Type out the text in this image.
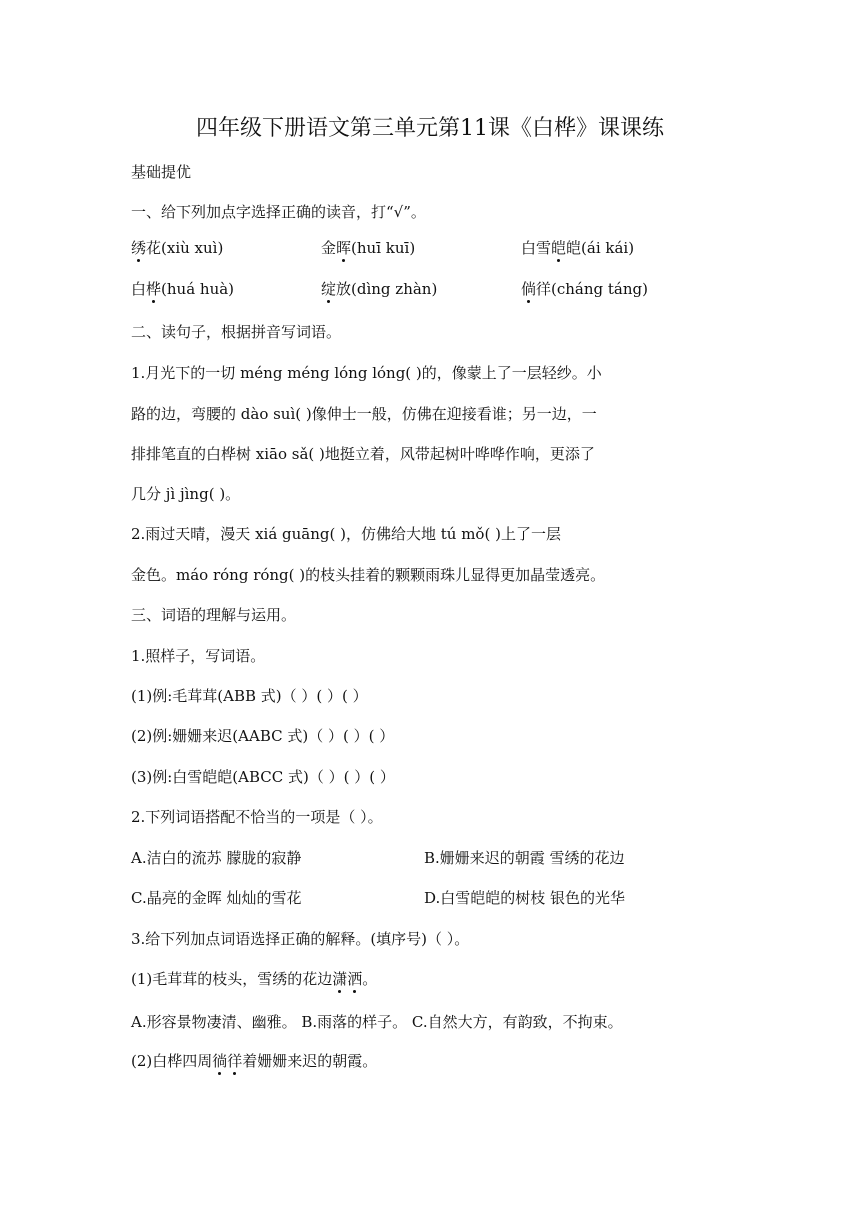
四年级下册语文第三单元第11课《白桦》课课练
基础提优
一、给下列加点字选择正确的读音，打“√”。
绣花(xiù xuì)	金晖(huī kuī)	白雪皑皑(ái kái)
白桦(huá huà)	绽放(dìng zhàn)	倘徉(cháng táng)
二、读句子，根据拼音写词语。
1.月光下的一切 méng méng lóng lóng( )的，像蒙上了一层轻纱。小
路的边，弯腰的 dào suì( )像伸士一般，仿佛在迎接看谁；另一边，一
排排笔直的白桦树 xiāo sǎ( )地挺立着，风带起树叶哗哗作响，更添了
几分 jì jìng( )。
2.雨过天晴，漫天 xiá guāng( )，仿佛给大地 tú mǒ( )上了一层
金色。máo róng róng( )的枝头挂着的颗颗雨珠儿显得更加晶莹透亮。
三、词语的理解与运用。
1.照样子，写词语。
(1)例:毛茸茸(ABB 式)（ ）( ）( ）
(2)例:姗姗来迟(AABC 式)（ ）( ）( ）
(3)例:白雪皑皑(ABCC 式)（ ）( ）( ）
2.下列词语搭配不恰当的一项是（ ）。
A.洁白的流苏 朦胧的寂静	B.姗姗来迟的朝霞 雪绣的花边
C.晶亮的金晖 灿灿的雪花	D.白雪皑皑的树枝 银色的光华
3.给下列加点词语选择正确的解释。(填序号)（ ）。
(1)毛茸茸的枝头，雪绣的花边潇洒。
A.形容景物凄清、幽雅。 B.雨落的样子。 C.自然大方，有韵致，不拘束。
(2)白桦四周徜徉着姗姗来迟的朝霞。
